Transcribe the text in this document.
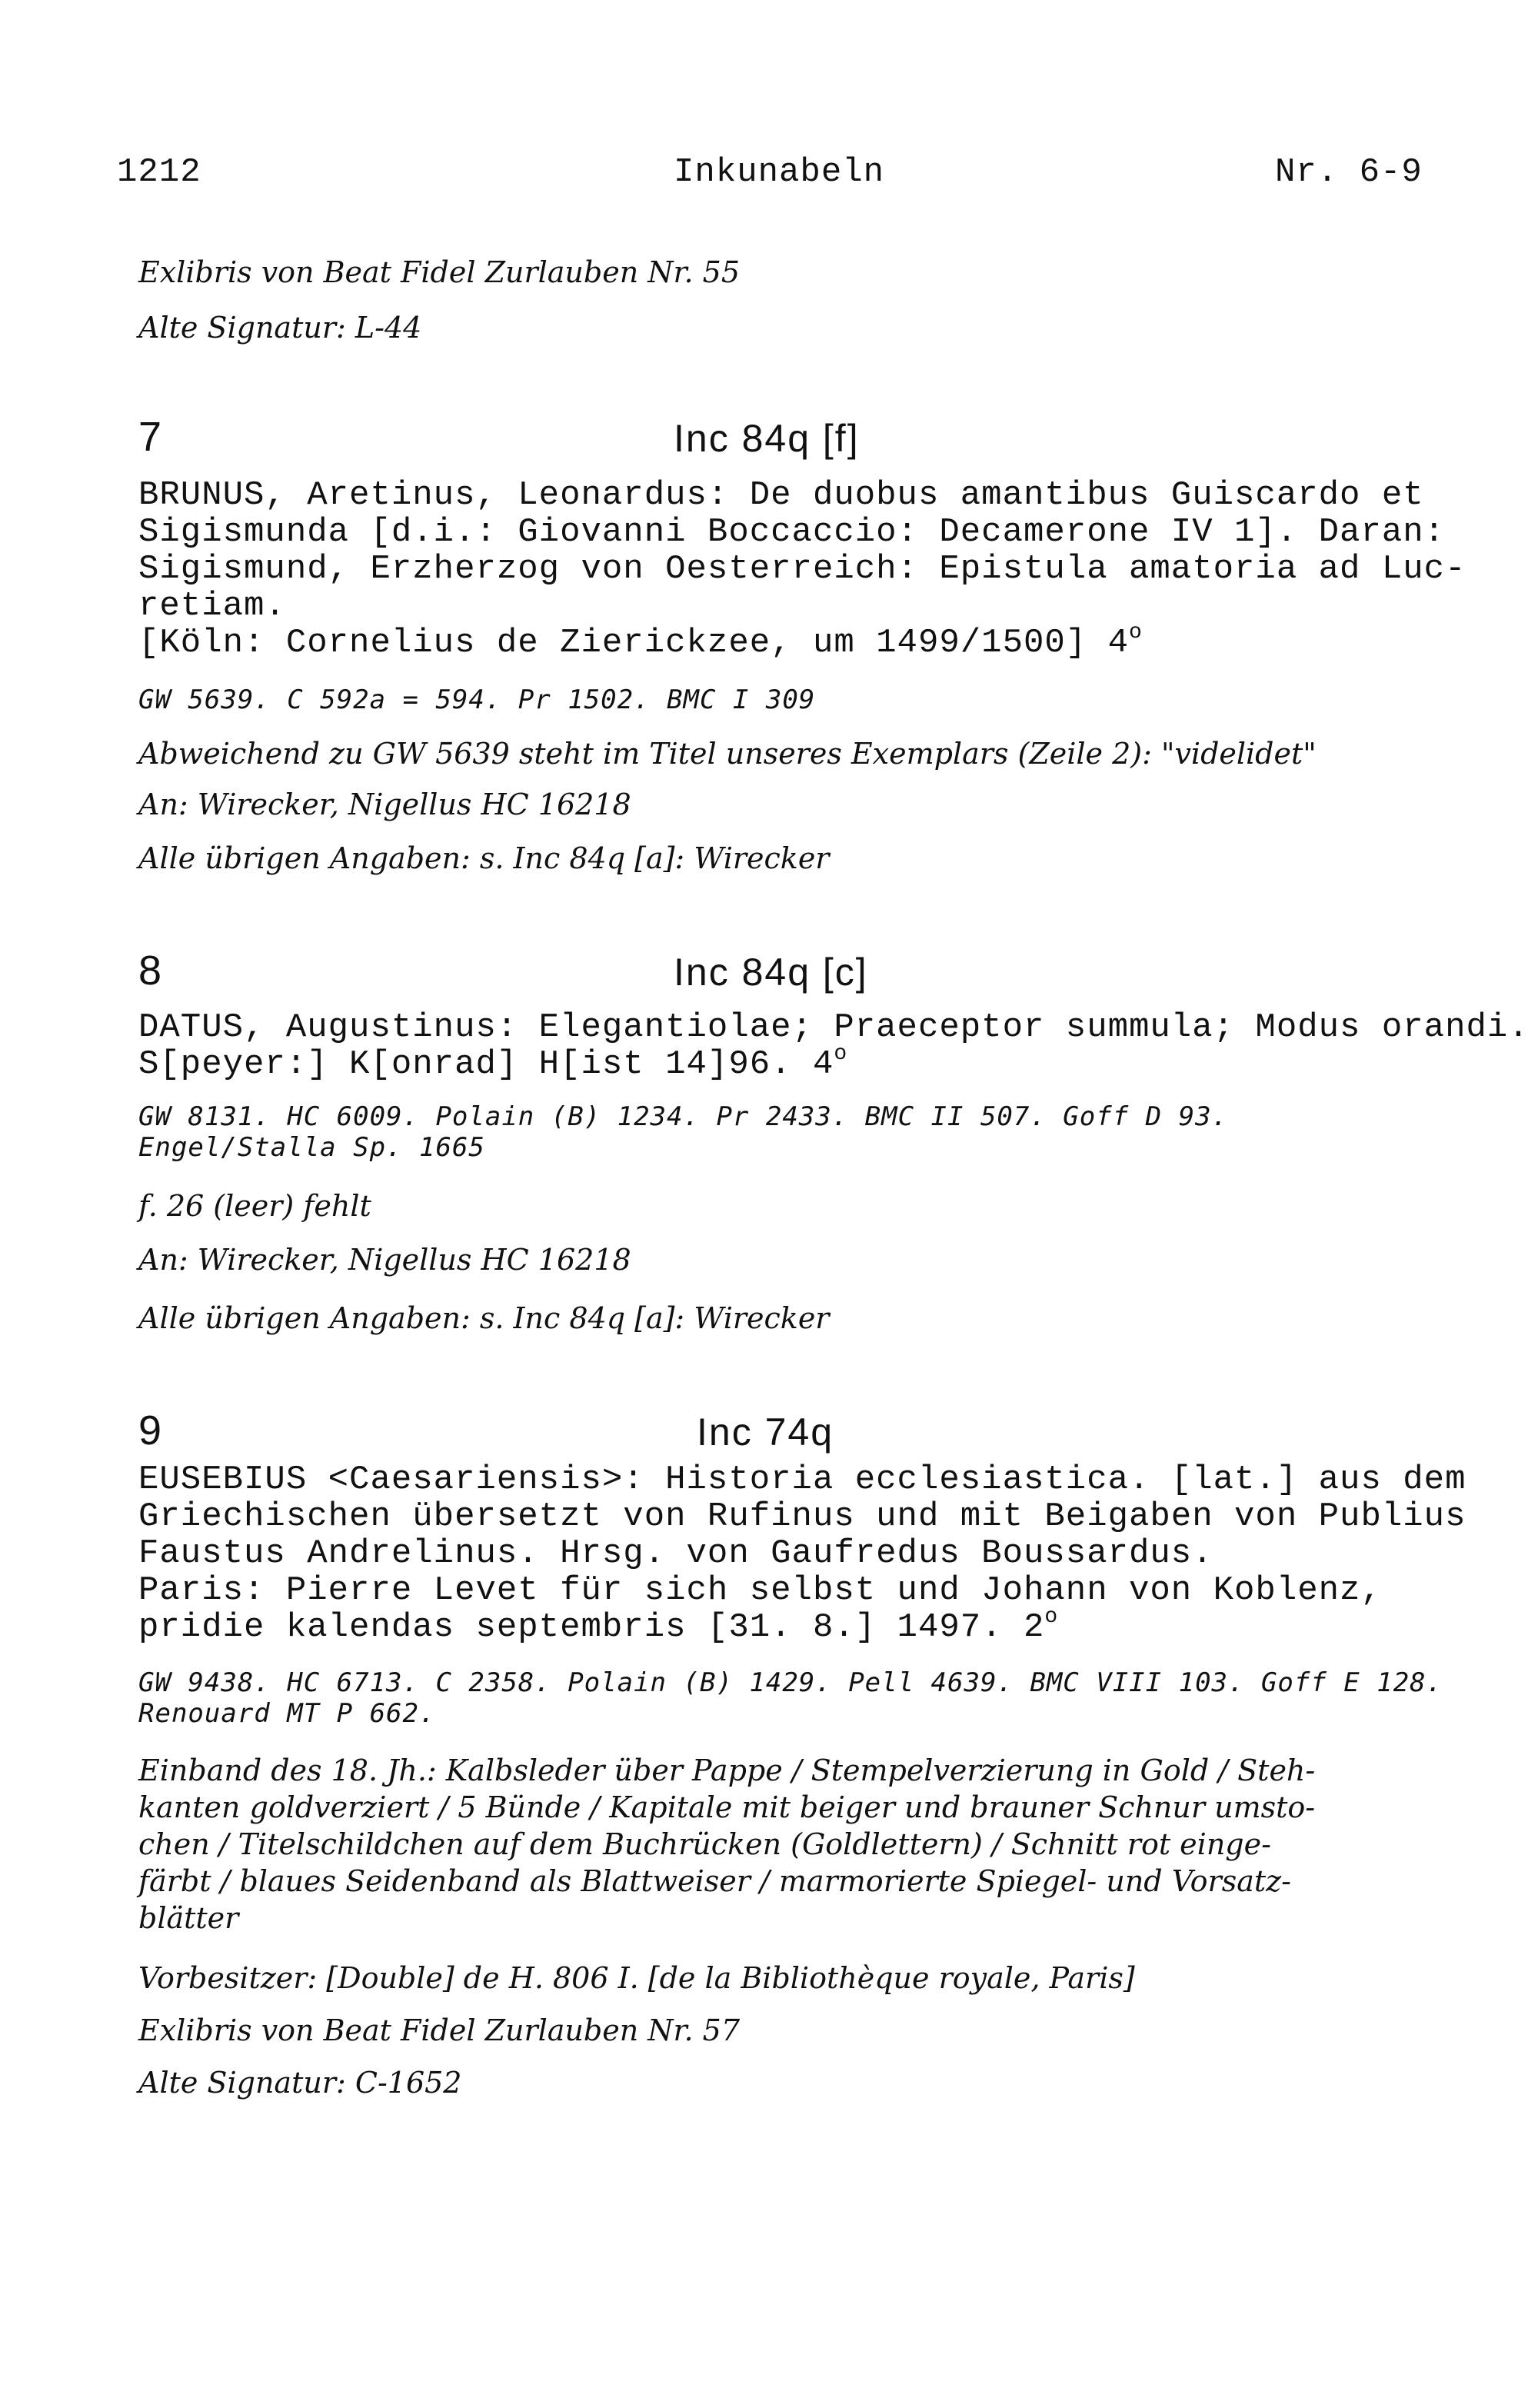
1212	Inkunabeln	Nr. 6-9
Exlibris von Beat Fidel Zurlauben Nr. 55
Alte Signatur: L-44
7	Inc 84q [f]
BRUNUS, Aretinus, Leonardus: De duobus amantibus Guiscardo et
Sigismunda [d.i.: Giovanni Boccaccio: Decamerone IV 1]. Daran:
Sigismund, Erzherzog von Oesterreich: Epistula amatoria ad Luc-
retiam.
[Köln: Cornelius de Zierickzee, um 1499/1500] 4$^o$
GW 5639. C 592a = 594. Pr 1502. BMC I 309
Abweichend zu GW 5639 steht im Titel unseres Exemplars (Zeile 2): "videlidet"
An: Wirecker, Nigellus HC 16218
Alle übrigen Angaben: s. Inc 84q [a]: Wirecker
8	Inc 84q [c]
DATUS, Augustinus: Elegantiolae; Praeceptor summula; Modus orandi.
S[peyer:] K[onrad] H[ist 14]96. 4$^o$
GW 8131. HC 6009. Polain (B) 1234. Pr 2433. BMC II 507. Goff D 93.
Engel/Stalla Sp. 1665
f. 26 (leer) fehlt
An: Wirecker, Nigellus HC 16218
Alle übrigen Angaben: s. Inc 84q [a]: Wirecker
9	Inc 74q
EUSEBIUS <Caesariensis>: Historia ecclesiastica. [lat.] aus dem
Griechischen übersetzt von Rufinus und mit Beigaben von Publius
Faustus Andrelinus. Hrsg. von Gaufredus Boussardus.
Paris: Pierre Levet für sich selbst und Johann von Koblenz,
pridie kalendas septembris [31. 8.] 1497. 2$^o$
GW 9438. HC 6713. C 2358. Polain (B) 1429. Pell 4639. BMC VIII 103. Goff E 128.
Renouard MT P 662.
Einband des 18. Jh.: Kalbsleder über Pappe / Stempelverzierung in Gold / Steh-
kanten goldverziert / 5 Bünde / Kapitale mit beiger und brauner Schnur umsto-
chen / Titelschildchen auf dem Buchrücken (Goldlettern) / Schnitt rot einge-
färbt / blaues Seidenband als Blattweiser / marmorierte Spiegel- und Vorsatz-
blätter
Vorbesitzer: [Double] de H. 806 I. [de la Bibliothèque royale, Paris]
Exlibris von Beat Fidel Zurlauben Nr. 57
Alte Signatur: C-1652
